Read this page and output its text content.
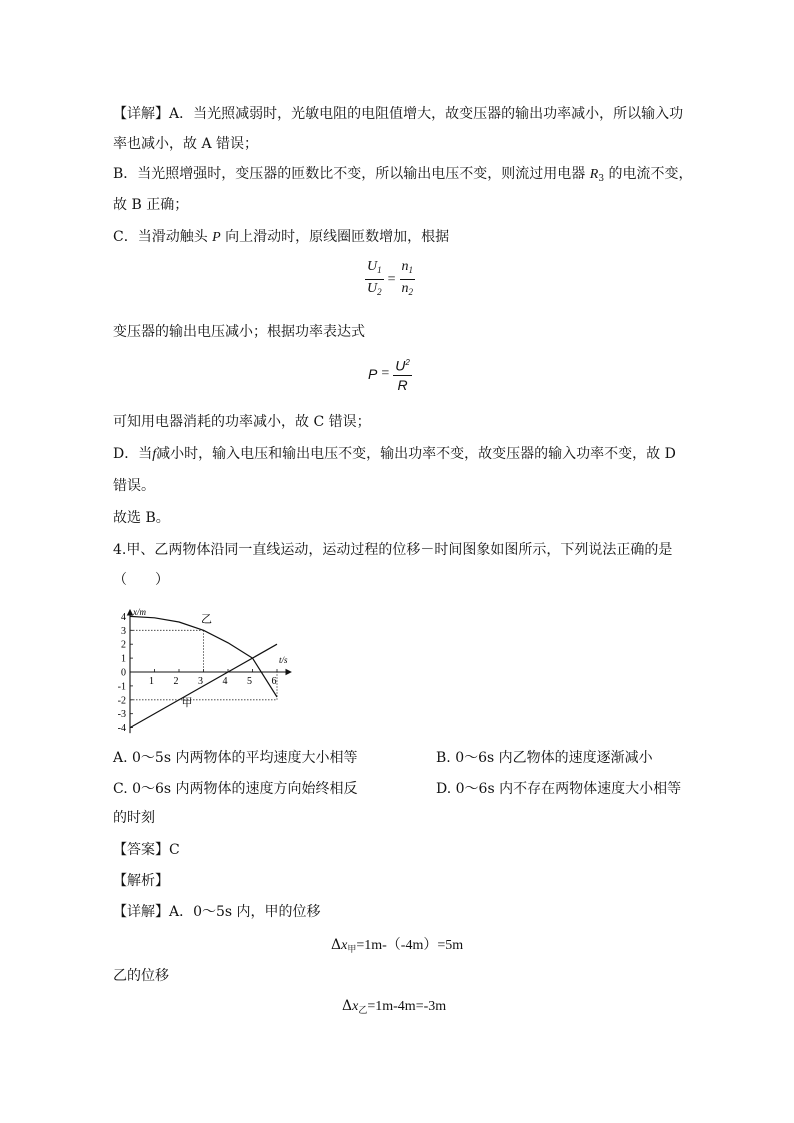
【详解】A．当光照减弱时，光敏电阻的电阻值增大，故变压器的输出功率减小，所以输入功
率也减小，故 A 错误；
B．当光照增强时，变压器的匝数比不变，所以输出电压不变，则流过用电器 $R_3$ 的电流不变，
故 B 正确；
C．当滑动触头 P 向上滑动时，原线圈匝数增加，根据
$\frac{U_1}{U_2} = \frac{n_1}{n_2}$
变压器的输出电压减小；根据功率表达式
$P = \frac{U^2}{R}$
可知用电器消耗的功率减小，故 C 错误；
D．当f减小时，输入电压和输出电压不变，输出功率不变，故变压器的输入功率不变，故 D
错误。
故选 B。
4.甲、乙两物体沿同一直线运动，运动过程的位移－时间图象如图所示，下列说法正确的是
（　　）
x/m
t/s
4
3
2
1
0
-1
-2
-3
-4
1 2 3 4 5 6
乙
甲
A. 0～5s 内两物体的平均速度大小相等	B. 0～6s 内乙物体的速度逐渐减小
C. 0～6s 内两物体的速度方向始终相反	D. 0～6s 内不存在两物体速度大小相等
的时刻
【答案】C
【解析】
【详解】A．0～5s 内，甲的位移
$\Delta x_甲=1m-(-4m)=5m$
乙的位移
$\Delta x_乙=1m-4m=-3m$
